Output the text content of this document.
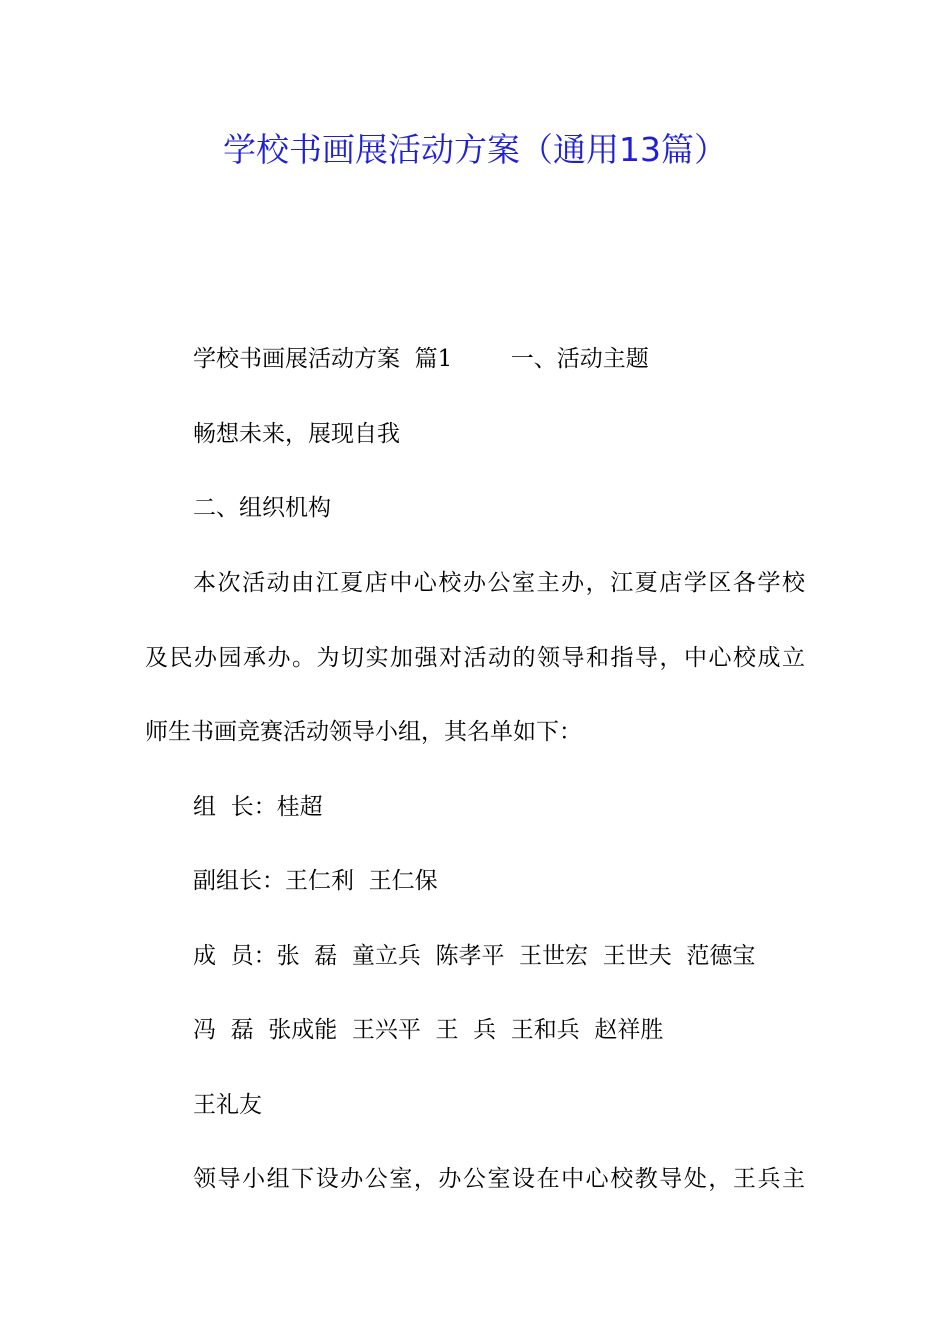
学校书画展活动方案（通用13篇）
学校书画展活动方案  篇1        一、活动主题
畅想未来，展现自我
二、组织机构
本次活动由江夏店中心校办公室主办，江夏店学区各学校
及民办园承办。为切实加强对活动的领导和指导，中心校成立
师生书画竞赛活动领导小组，其名单如下：
组  长：桂超
副组长：王仁利  王仁保
成  员：张  磊  童立兵  陈孝平  王世宏  王世夫  范德宝
冯  磊  张成能  王兴平  王  兵  王和兵  赵祥胜
王礼友
领导小组下设办公室，办公室设在中心校教导处，王兵主
